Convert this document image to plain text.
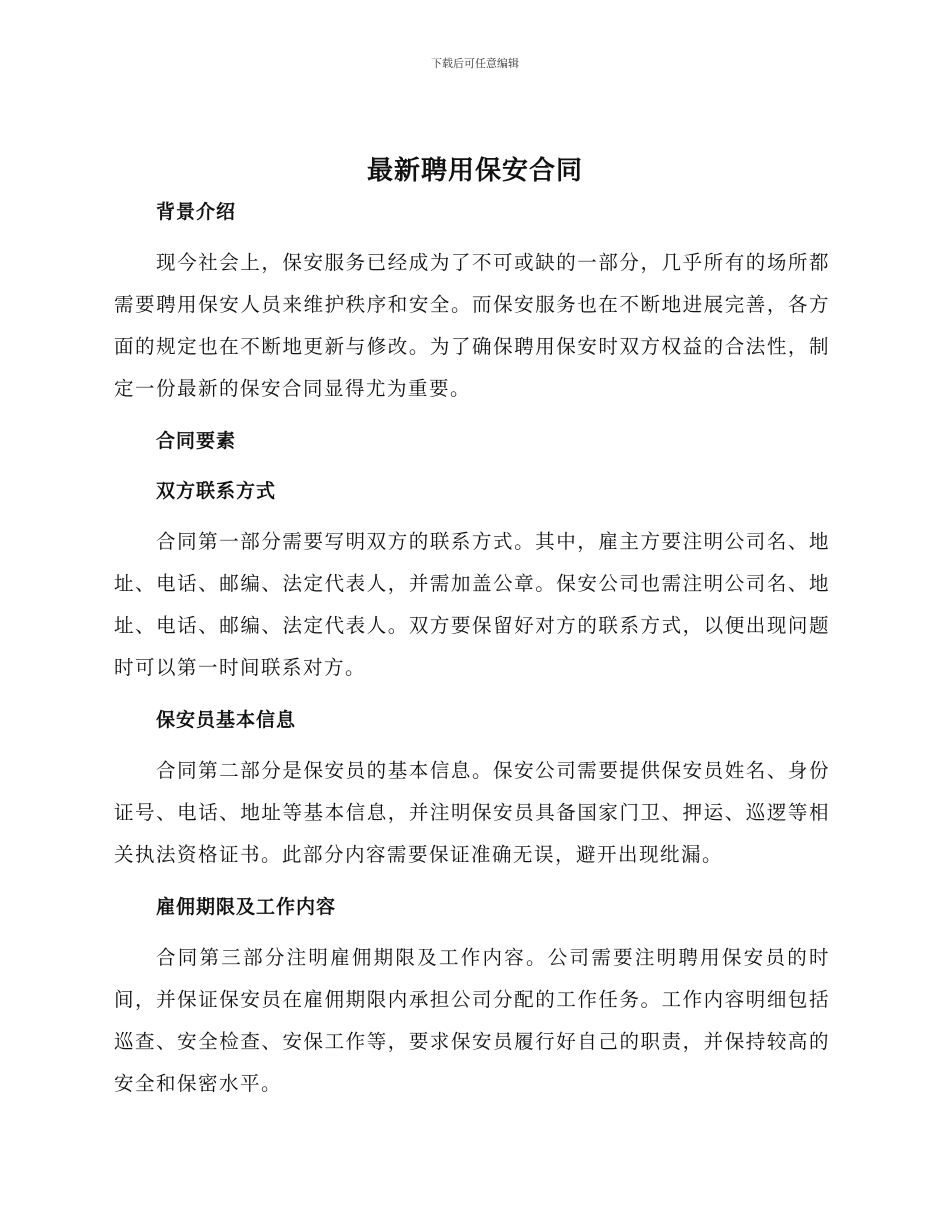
下载后可任意编辑
最新聘用保安合同
背景介绍

现今社会上，保安服务已经成为了不可或缺的一部分，几乎所有的场所都需要聘用保安人员来维护秩序和安全。而保安服务也在不断地进展完善，各方面的规定也在不断地更新与修改。为了确保聘用保安时双方权益的合法性，制定一份最新的保安合同显得尤为重要。

合同要素
双方联系方式

合同第一部分需要写明双方的联系方式。其中，雇主方要注明公司名、地址、电话、邮编、法定代表人，并需加盖公章。保安公司也需注明公司名、地址、电话、邮编、法定代表人。双方要保留好对方的联系方式，以便出现问题时可以第一时间联系对方。

保安员基本信息

合同第二部分是保安员的基本信息。保安公司需要提供保安员姓名、身份证号、电话、地址等基本信息，并注明保安员具备国家门卫、押运、巡逻等相关执法资格证书。此部分内容需要保证准确无误，避开出现纰漏。

雇佣期限及工作内容

合同第三部分注明雇佣期限及工作内容。公司需要注明聘用保安员的时间，并保证保安员在雇佣期限内承担公司分配的工作任务。工作内容明细包括巡查、安全检查、安保工作等，要求保安员履行好自己的职责，并保持较高的安全和保密水平。
